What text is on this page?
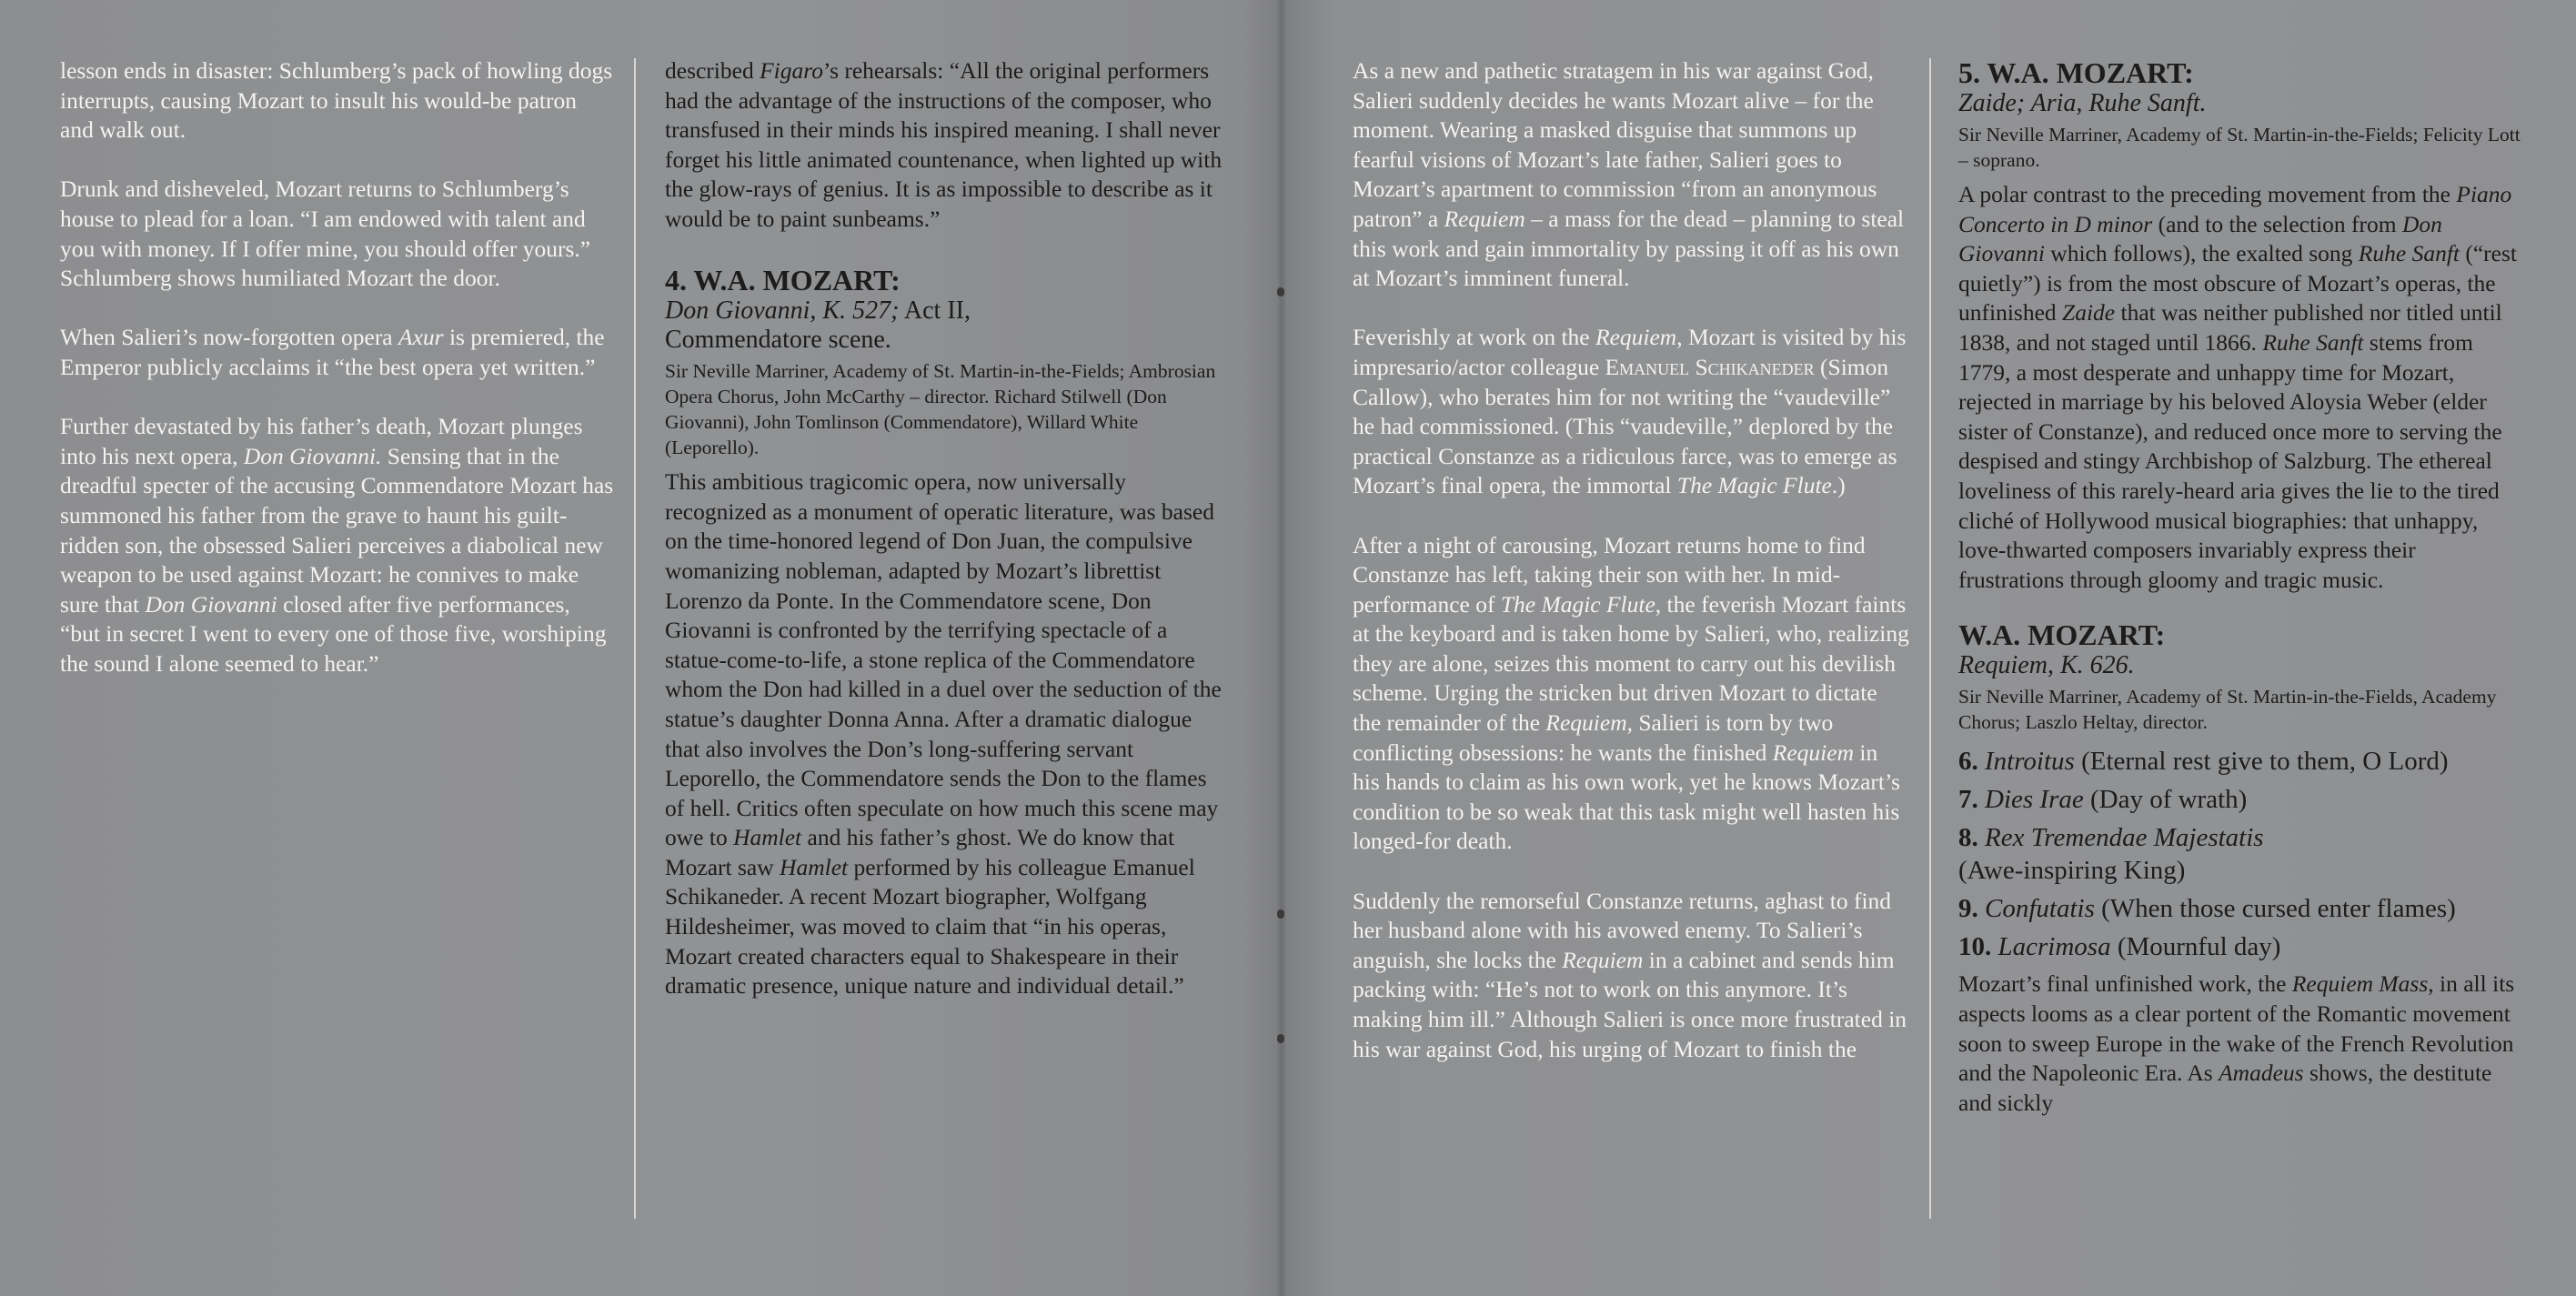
lesson ends in disaster: Schlumberg’s pack of howling dogs interrupts, causing Mozart to insult his would-be patron and walk out.

Drunk and disheveled, Mozart returns to Schlumberg’s house to plead for a loan. “I am endowed with talent and you with money. If I offer mine, you should offer yours.” Schlumberg shows humiliated Mozart the door.

When Salieri’s now-forgotten opera Axur is premiered, the Emperor publicly acclaims it “the best opera yet written.”

Further devastated by his father’s death, Mozart plunges into his next opera, Don Giovanni. Sensing that in the dreadful specter of the accusing Commendatore Mozart has summoned his father from the grave to haunt his guilt-ridden son, the obsessed Salieri perceives a diabolical new weapon to be used against Mozart: he connives to make sure that Don Giovanni closed after five performances, “but in secret I went to every one of those five, worshiping the sound I alone seemed to hear.”

described Figaro’s rehearsals: “All the original performers had the advantage of the instructions of the composer, who transfused in their minds his inspired meaning. I shall never forget his little animated countenance, when lighted up with the glow-rays of genius. It is as impossible to describe as it would be to paint sunbeams.”

4. W.A. MOZART:
Don Giovanni, K. 527; Act II,
Commendatore scene.

Sir Neville Marriner, Academy of St. Martin-in-the-Fields; Ambrosian Opera Chorus, John McCarthy – director. Richard Stilwell (Don Giovanni), John Tomlinson (Commendatore), Willard White (Leporello).

This ambitious tragicomic opera, now universally recognized as a monument of operatic literature, was based on the time-honored legend of Don Juan, the compulsive womanizing nobleman, adapted by Mozart’s librettist Lorenzo da Ponte. In the Commendatore scene, Don Giovanni is confronted by the terrifying spectacle of a statue-come-to-life, a stone replica of the Commendatore whom the Don had killed in a duel over the seduction of the statue’s daughter Donna Anna. After a dramatic dialogue that also involves the Don’s long-suffering servant Leporello, the Commendatore sends the Don to the flames of hell. Critics often speculate on how much this scene may owe to Hamlet and his father’s ghost. We do know that Mozart saw Hamlet performed by his colleague Emanuel Schikaneder. A recent Mozart biographer, Wolfgang Hildesheimer, was moved to claim that “in his operas, Mozart created characters equal to Shakespeare in their dramatic presence, unique nature and individual detail.”

As a new and pathetic stratagem in his war against God, Salieri suddenly decides he wants Mozart alive – for the moment. Wearing a masked disguise that summons up fearful visions of Mozart’s late father, Salieri goes to Mozart’s apartment to commission “from an anonymous patron” a Requiem – a mass for the dead – planning to steal this work and gain immortality by passing it off as his own at Mozart’s imminent funeral.

Feverishly at work on the Requiem, Mozart is visited by his impresario/actor colleague Emanuel Schikaneder (Simon Callow), who berates him for not writing the “vaudeville” he had commissioned. (This “vaudeville,” deplored by the practical Constanze as a ridiculous farce, was to emerge as Mozart’s final opera, the immortal The Magic Flute.)

After a night of carousing, Mozart returns home to find Constanze has left, taking their son with her. In mid-performance of The Magic Flute, the feverish Mozart faints at the keyboard and is taken home by Salieri, who, realizing they are alone, seizes this moment to carry out his devilish scheme. Urging the stricken but driven Mozart to dictate the remainder of the Requiem, Salieri is torn by two conflicting obsessions: he wants the finished Requiem in his hands to claim as his own work, yet he knows Mozart’s condition to be so weak that this task might well hasten his longed-for death.

Suddenly the remorseful Constanze returns, aghast to find her husband alone with his avowed enemy. To Salieri’s anguish, she locks the Requiem in a cabinet and sends him packing with: “He’s not to work on this anymore. It’s making him ill.” Although Salieri is once more frustrated in his war against God, his urging of Mozart to finish the

5. W.A. MOZART:
Zaide; Aria, Ruhe Sanft.

Sir Neville Marriner, Academy of St. Martin-in-the-Fields; Felicity Lott – soprano.

A polar contrast to the preceding movement from the Piano Concerto in D minor (and to the selection from Don Giovanni which follows), the exalted song Ruhe Sanft (“rest quietly”) is from the most obscure of Mozart’s operas, the unfinished Zaide that was neither published nor titled until 1838, and not staged until 1866. Ruhe Sanft stems from 1779, a most desperate and unhappy time for Mozart, rejected in marriage by his beloved Aloysia Weber (elder sister of Constanze), and reduced once more to serving the despised and stingy Archbishop of Salzburg. The ethereal loveliness of this rarely-heard aria gives the lie to the tired cliché of Hollywood musical biographies: that unhappy, love-thwarted composers invariably express their frustrations through gloomy and tragic music.

W.A. MOZART:
Requiem, K. 626.

Sir Neville Marriner, Academy of St. Martin-in-the-Fields, Academy Chorus; Laszlo Heltay, director.

6. Introitus (Eternal rest give to them, O Lord)

7. Dies Irae (Day of wrath)

8. Rex Tremendae Majestatis
(Awe-inspiring King)

9. Confutatis (When those cursed enter flames)

10. Lacrimosa (Mournful day)

Mozart’s final unfinished work, the Requiem Mass, in all its aspects looms as a clear portent of the Romantic movement soon to sweep Europe in the wake of the French Revolution and the Napoleonic Era. As Amadeus shows, the destitute and sickly
